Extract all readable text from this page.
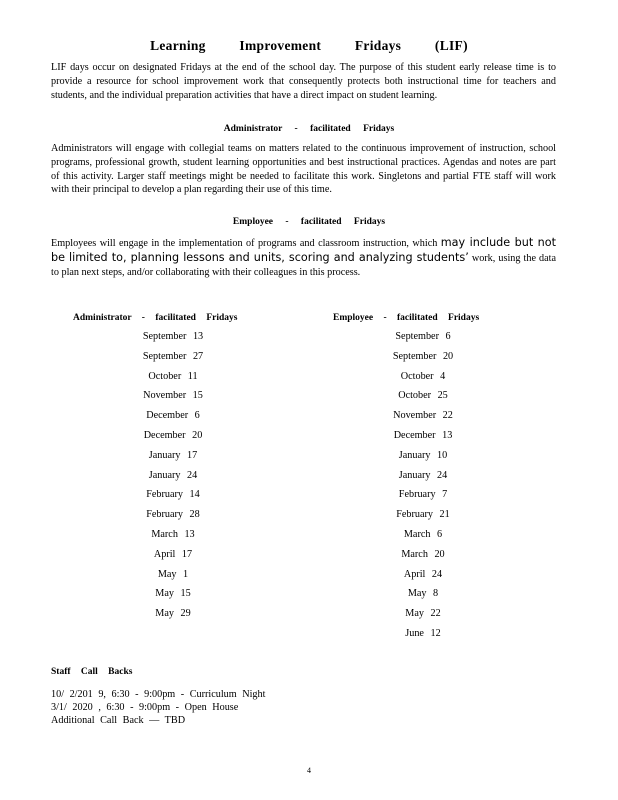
Learning Improvement Fridays (LIF)
LIF days occur on designated Fridays at the end of the school day. The purpose of this student early release time is to provide a resource for school improvement work that consequently protects both instructional time for teachers and students, and the individual preparation activities that have a direct impact on student learning.
Administrator - facilitated Fridays
Administrators will engage with collegial teams on matters related to the continuous improvement of instruction, school programs, professional growth, student learning opportunities and best instructional practices. Agendas and notes are part of this activity. Larger staff meetings might be needed to facilitate this work. Singletons and partial FTE staff will work with their principal to develop a plan regarding their use of this time.
Employee - facilitated Fridays
Employees will engage in the implementation of programs and classroom instruction, which may include but not be limited to, planning lessons and units, scoring and analyzing students’ work, using the data to plan next steps, and/or collaborating with their colleagues in this process.
Administrator - facilitated Fridays	Employee - facilitated Fridays
September 13
September 27
October 11
November 15
December 6
December 20
January 17
January 24
February 14
February 28
March 13
April 17
May 1
May 15
May 29
September 6
September 20
October 4
October 25
November 22
December 13
January 10
January 24
February 7
February 21
March 6
March 20
April 24
May 8
May 22
June 12
Staff Call Backs
10/ 2/201 9, 6:30 - 9:00pm - Curriculum Night
3/1/ 2020 , 6:30 - 9:00pm - Open House
Additional Call Back — TBD
4
